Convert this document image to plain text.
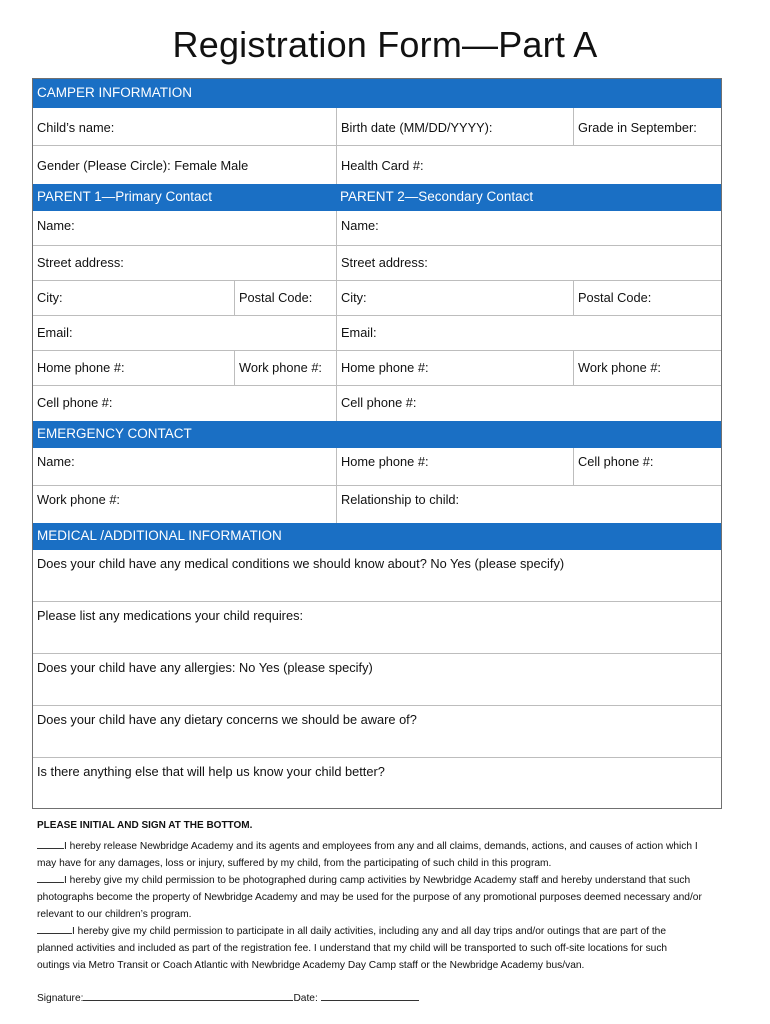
Registration Form—Part A
CAMPER INFORMATION
Child’s name:	Birth date (MM/DD/YYYY):	Grade in September:
Gender (Please Circle): Female Male	Health Card #:
PARENT 1—Primary Contact	PARENT 2—Secondary Contact
Name:	Name:
Street address:	Street address:
City:	Postal Code:	City:	Postal Code:
Email:	Email:
Home phone #:	Work phone #:	Home phone #:	Work phone #:
Cell phone #:	Cell phone #:
EMERGENCY CONTACT
Name:	Home phone #:	Cell phone #:
Work phone #:	Relationship to child:
MEDICAL /ADDITIONAL INFORMATION
Does your child have any medical conditions we should know about? No Yes (please specify)
Please list any medications your child requires:
Does your child have any allergies: No Yes (please specify)
Does your child have any dietary concerns we should be aware of?
Is there anything else that will help us know your child better?
PLEASE INITIAL AND SIGN AT THE BOTTOM.
I hereby release Newbridge Academy and its agents and employees from any and all claims, demands, actions, and causes of action which I
may have for any damages, loss or injury, suffered by my child, from the participating of such child in this program.
I hereby give my child permission to be photographed during camp activities by Newbridge Academy staff and hereby understand that such
photographs become the property of Newbridge Academy and may be used for the purpose of any promotional purposes deemed necessary and/or
relevant to our children’s program.
I hereby give my child permission to participate in all daily activities, including any and all day trips and/or outings that are part of the
planned activities and included as part of the registration fee. I understand that my child will be transported to such off-site locations for such
outings via Metro Transit or Coach Atlantic with Newbridge Academy Day Camp staff or the Newbridge Academy bus/van.
Signature:	Date:
